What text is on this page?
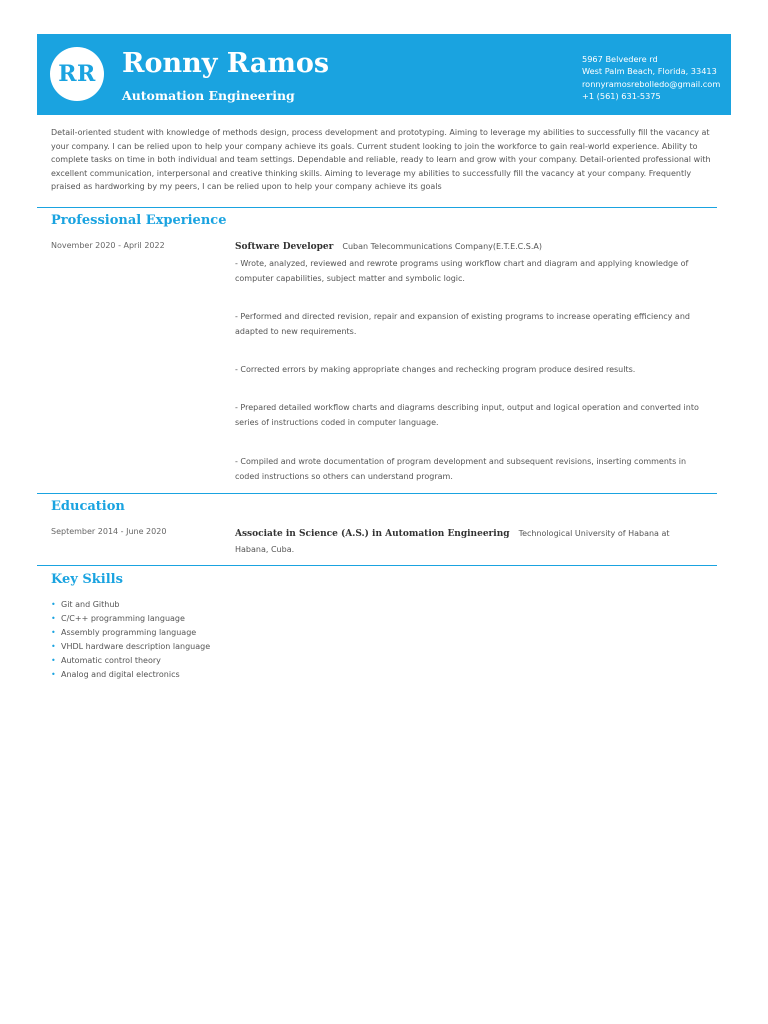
RR Ronny Ramos
Automation Engineering
5967 Belvedere rd
West Palm Beach, Florida, 33413
ronnyramosrebolledo@gmail.com
+1 (561) 631-5375
Detail-oriented student with knowledge of methods design, process development and prototyping. Aiming to leverage my abilities to successfully fill the vacancy at your company. I can be relied upon to help your company achieve its goals. Current student looking to join the workforce to gain real-world experience. Ability to complete tasks on time in both individual and team settings. Dependable and reliable, ready to learn and grow with your company. Detail-oriented professional with excellent communication, interpersonal and creative thinking skills. Aiming to leverage my abilities to successfully fill the vacancy at your company. Frequently praised as hardworking by my peers, I can be relied upon to help your company achieve its goals
Professional Experience
November 2020 - April 2022	Software Developer Cuban Telecommunications Company(E.T.E.C.S.A)
- Wrote, analyzed, reviewed and rewrote programs using workflow chart and diagram and applying knowledge of computer capabilities, subject matter and symbolic logic.
- Performed and directed revision, repair and expansion of existing programs to increase operating efficiency and adapted to new requirements.
- Corrected errors by making appropriate changes and rechecking program produce desired results.
- Prepared detailed workflow charts and diagrams describing input, output and logical operation and converted into series of instructions coded in computer language.
- Compiled and wrote documentation of program development and subsequent revisions, inserting comments in coded instructions so others can understand program.
Education
September 2014 - June 2020	Associate in Science (A.S.) in Automation Engineering Technological University of Habana at Habana, Cuba.
Key Skills
• Git and Github
• C/C++ programming language
• Assembly programming language
• VHDL hardware description language
• Automatic control theory
• Analog and digital electronics
